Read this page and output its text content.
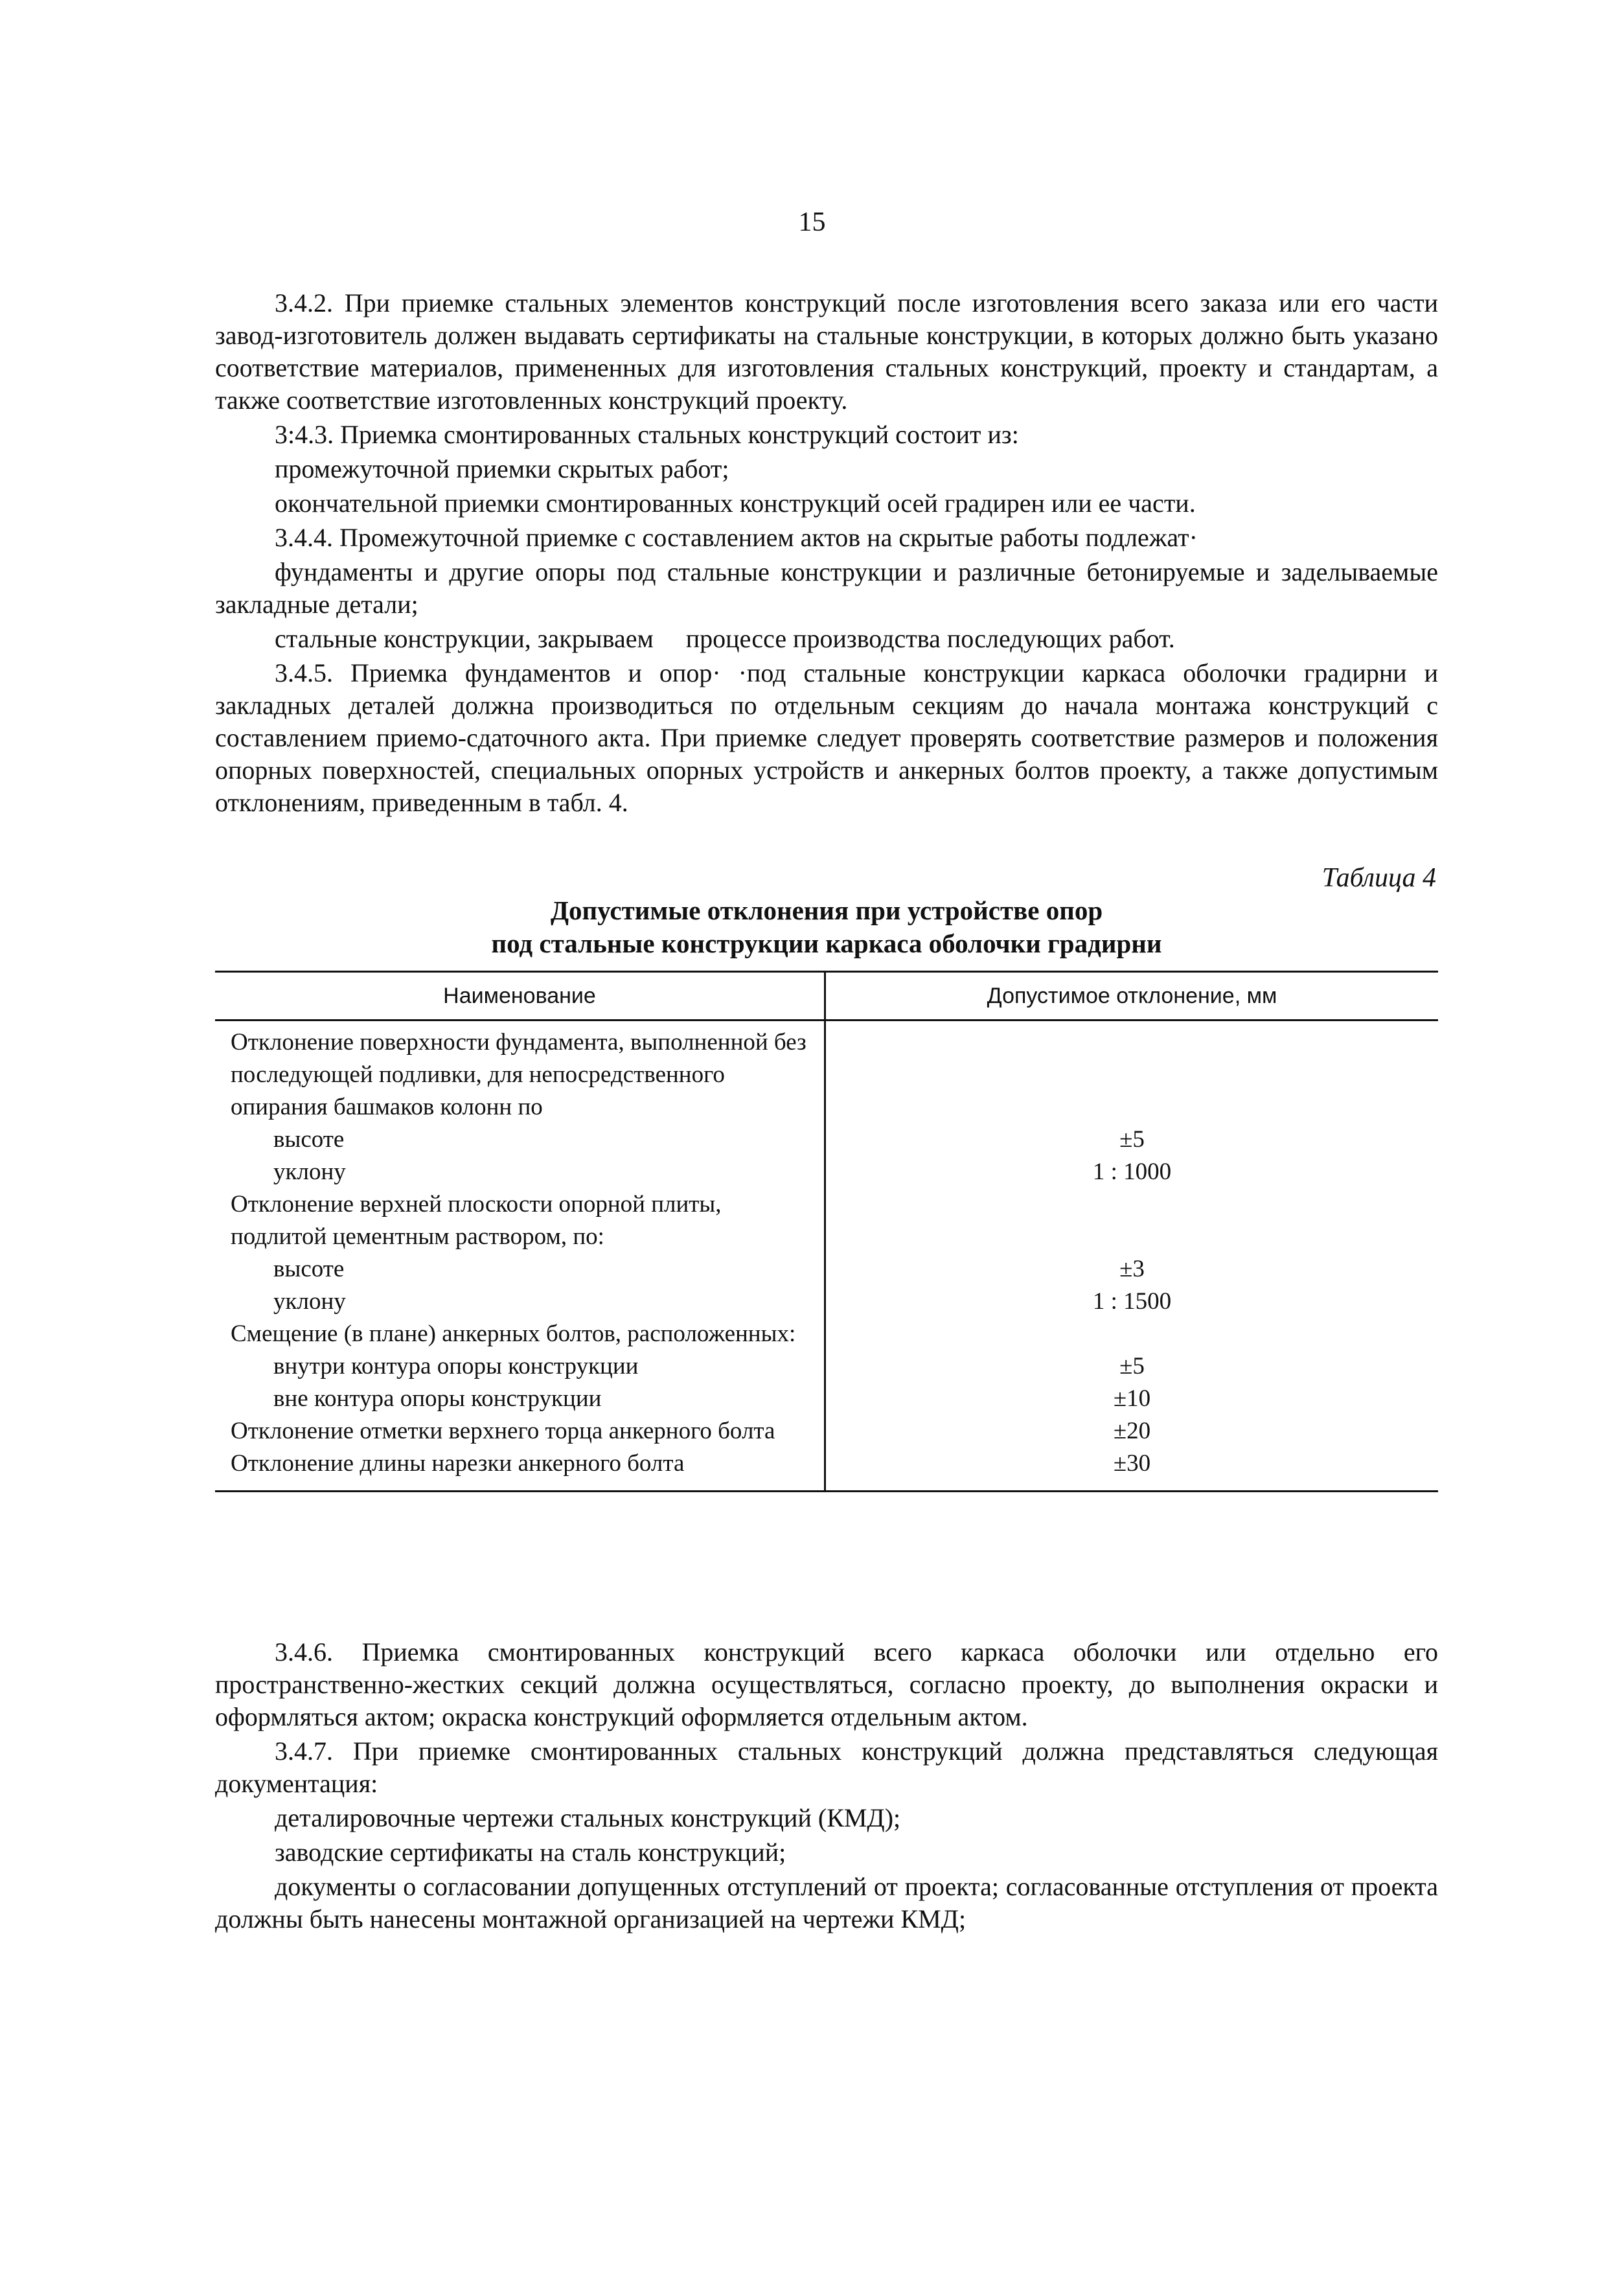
15

3.4.2. При приемке стальных элементов конструкций после изготовления всего заказа или его части завод-изготовитель должен выдавать сертификаты на стальные конструкции, в которых должно быть указано соответствие материалов, примененных для изготовления стальных конструкций, проекту и стандартам, а также соответствие изготовленных конструкций проекту.

3:4.3. Приемка смонтированных стальных конструкций состоит из:

промежуточной приемки скрытых работ;

окончательной приемки смонтированных конструкций осей градирен или ее части.

3.4.4. Промежуточной приемке с составлением актов на скрытые работы подлежат·

фундаменты и другие опоры под стальные конструкции и различные бетонируемые и заделываемые закладные детали;

стальные конструкции, закрываем     процессе производства последующих работ.

3.4.5. Приемка фундаментов и опор· ·под стальные конструкции каркаса оболочки градирни и закладных деталей должна производиться по отдельным секциям до начала монтажа конструкций с составлением приемо-сдаточного акта. При приемке следует проверять соответствие размеров и положения опорных поверхностей, специальных опорных устройств и анкерных болтов проекту, а также допустимым отклонениям, приведенным в табл. 4.

Таблица 4
Допустимые отклонения при устройстве опор
под стальные конструкции каркаса оболочки градирни
Наименование	Допустимое отклонение, мм
Отклонение поверхности фундамента, выполненной без последующей подливки, для непосредственного опирания башмаков колонн по	
высоте	±5
уклону	1 : 1000
Отклонение верхней плоскости опорной плиты, подлитой цементным раствором, по:	
высоте	±3
уклону	1 : 1500
Смещение (в плане) анкерных болтов, расположенных:	
внутри контура опоры конструкции	±5
вне контура опоры конструкции	±10
Отклонение отметки верхнего торца анкерного болта	±20
Отклонение длины нарезки анкерного болта	±30

3.4.6. Приемка смонтированных конструкций всего каркаса оболочки или отдельно его пространственно-жестких секций должна осуществляться, согласно проекту, до выполнения окраски и оформляться актом; окраска конструкций оформляется отдельным актом.

3.4.7. При приемке смонтированных стальных конструкций должна представляться следующая документация:

деталировочные чертежи стальных конструкций (КМД);

заводские сертификаты на сталь конструкций;

документы о согласовании допущенных отступлений от проекта; согласованные отступления от проекта должны быть нанесены монтажной организацией на чертежи КМД;
